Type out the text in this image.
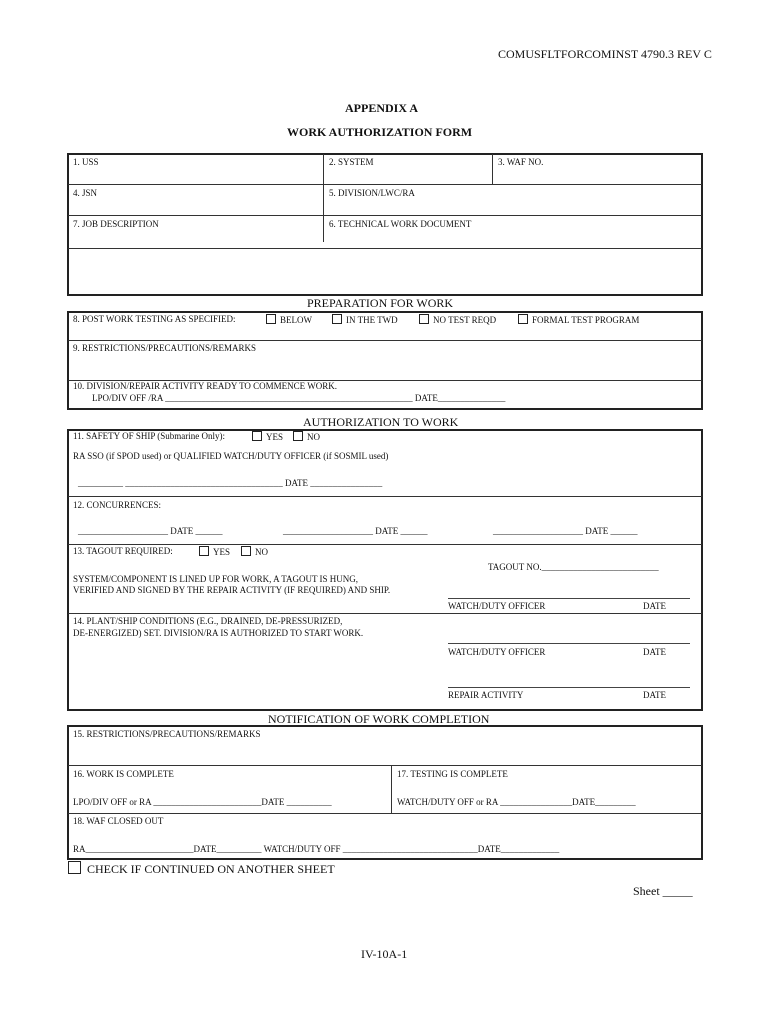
COMUSFLTFORCOMINST 4790.3 REV C
APPENDIX A
WORK AUTHORIZATION FORM
1. USS	2. SYSTEM	3. WAF NO.
4. JSN	5. DIVISION/LWC/RA
7. JOB DESCRIPTION	6. TECHNICAL WORK DOCUMENT
PREPARATION FOR WORK
8. POST WORK TESTING AS SPECIFIED:	BELOW	IN THE TWD	NO TEST REQD	FORMAL TEST PROGRAM
9. RESTRICTIONS/PRECAUTIONS/REMARKS
10. DIVISION/REPAIR ACTIVITY READY TO COMMENCE WORK.
LPO/DIV OFF /RA _______________________________________________________ DATE_______________
AUTHORIZATION TO WORK
11. SAFETY OF SHIP (Submarine Only):	YES	NO
RA SSO (if SPOD used) or QUALIFIED WATCH/DUTY OFFICER (if SOSMIL used)
__________ ___________________________________ DATE ________________
12. CONCURRENCES:
____________________ DATE ______	____________________ DATE ______	____________________ DATE ______
13. TAGOUT REQUIRED:	YES	NO
TAGOUT NO.__________________________
SYSTEM/COMPONENT IS LINED UP FOR WORK, A TAGOUT IS HUNG,
VERIFIED AND SIGNED BY THE REPAIR ACTIVITY (IF REQUIRED) AND SHIP.
WATCH/DUTY OFFICER	DATE
14. PLANT/SHIP CONDITIONS (E.G., DRAINED, DE-PRESSURIZED,
DE-ENERGIZED) SET. DIVISION/RA IS AUTHORIZED TO START WORK.
WATCH/DUTY OFFICER	DATE
REPAIR ACTIVITY	DATE
NOTIFICATION OF WORK COMPLETION
15. RESTRICTIONS/PRECAUTIONS/REMARKS
16. WORK IS COMPLETE	17. TESTING IS COMPLETE
LPO/DIV OFF or RA ________________________DATE __________	WATCH/DUTY OFF or RA ________________DATE_________
18. WAF CLOSED OUT
RA________________________DATE__________ WATCH/DUTY OFF ______________________________DATE_____________
CHECK IF CONTINUED ON ANOTHER SHEET
Sheet _____
IV-10A-1
